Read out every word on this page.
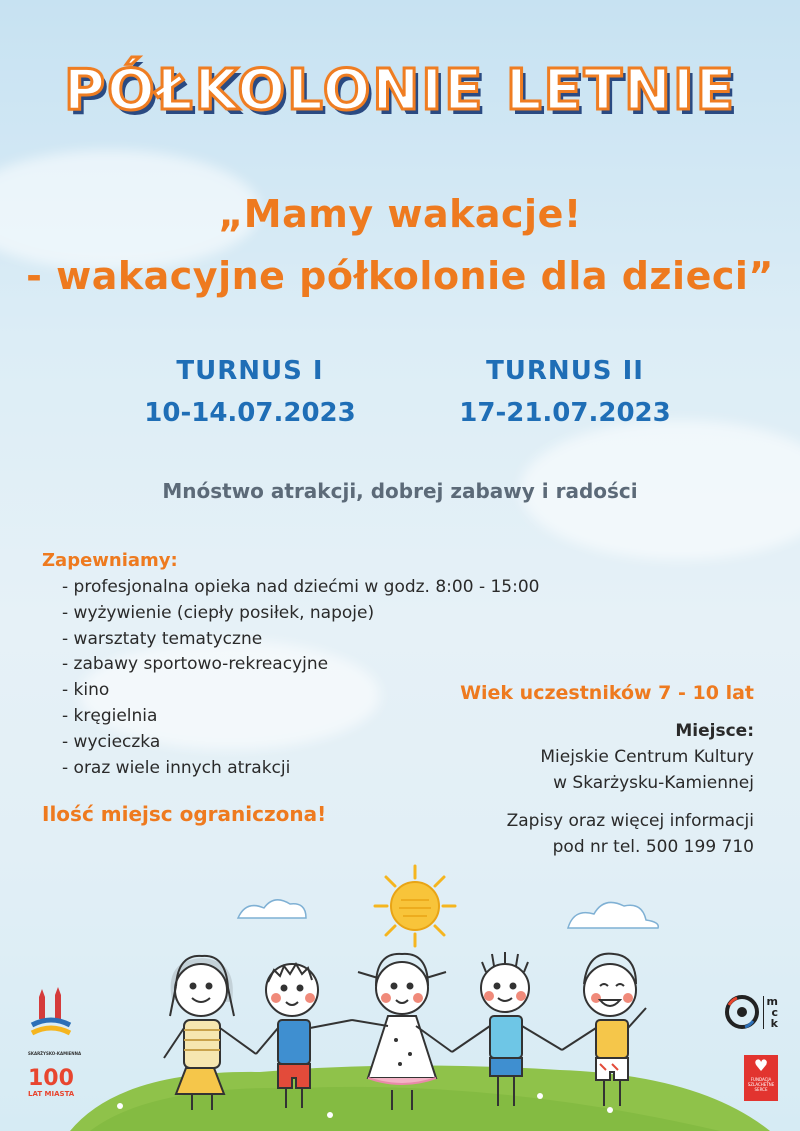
PÓŁKOLONIE LETNIE
„Mamy wakacje!
- wakacyjne półkolonie dla dzieci”
TURNUS I
10-14.07.2023
TURNUS II
17-21.07.2023
Mnóstwo atrakcji, dobrej zabawy i radości
Zapewniamy:
- profesjonalna opieka nad dziećmi w godz. 8:00 - 15:00
- wyżywienie (ciepły posiłek, napoje)
- warsztaty tematyczne
- zabawy sportowo-rekreacyjne
- kino
- kręgielnia
- wycieczka
- oraz wiele innych atrakcji
Ilość miejsc ograniczona!
Wiek uczestników 7 - 10 lat
Miejsce:
Miejskie Centrum Kultury
w Skarżysku-Kamiennej
Zapisy oraz więcej informacji
pod nr tel. 500 199 710
SKARŻYSKO-KAMIENNA
100
LAT MIASTA
m
c
k
♥
FUNDACJA SZLACHETNE SERCE
